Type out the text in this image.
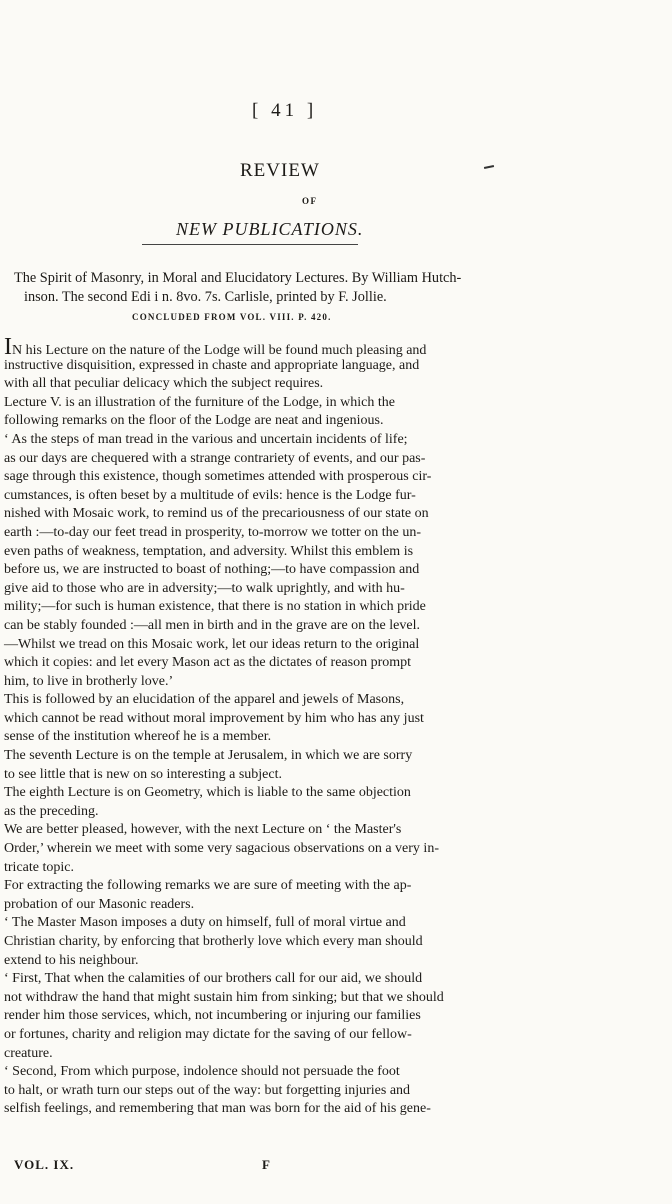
[ 41 ]
REVIEW
OF
NEW PUBLICATIONS.
The Spirit of Masonry, in Moral and Elucidatory Lectures. By William Hutch-
inson. The second Edi i n. 8vo. 7s. Carlisle, printed by F. Jollie.
CONCLUDED FROM VOL. VIII. P. 420.
IN his Lecture on the nature of the Lodge will be found much pleasing and
instructive disquisition, expressed in chaste and appropriate language, and
with all that peculiar delicacy which the subject requires.
Lecture V. is an illustration of the furniture of the Lodge, in which the
following remarks on the floor of the Lodge are neat and ingenious.
‘ As the steps of man tread in the various and uncertain incidents of life;
as our days are chequered with a strange contrariety of events, and our pas-
sage through this existence, though sometimes attended with prosperous cir-
cumstances, is often beset by a multitude of evils: hence is the Lodge fur-
nished with Mosaic work, to remind us of the precariousness of our state on
earth :—to-day our feet tread in prosperity, to-morrow we totter on the un-
even paths of weakness, temptation, and adversity. Whilst this emblem is
before us, we are instructed to boast of nothing;—to have compassion and
give aid to those who are in adversity;—to walk uprightly, and with hu-
mility;—for such is human existence, that there is no station in which pride
can be stably founded :—all men in birth and in the grave are on the level.
—Whilst we tread on this Mosaic work, let our ideas return to the original
which it copies: and let every Mason act as the dictates of reason prompt
him, to live in brotherly love.’
This is followed by an elucidation of the apparel and jewels of Masons,
which cannot be read without moral improvement by him who has any just
sense of the institution whereof he is a member.
The seventh Lecture is on the temple at Jerusalem, in which we are sorry
to see little that is new on so interesting a subject.
The eighth Lecture is on Geometry, which is liable to the same objection
as the preceding.
We are better pleased, however, with the next Lecture on ‘ the Master's
Order,’ wherein we meet with some very sagacious observations on a very in-
tricate topic.
For extracting the following remarks we are sure of meeting with the ap-
probation of our Masonic readers.
‘ The Master Mason imposes a duty on himself, full of moral virtue and
Christian charity, by enforcing that brotherly love which every man should
extend to his neighbour.
‘ First, That when the calamities of our brothers call for our aid, we should
not withdraw the hand that might sustain him from sinking; but that we should
render him those services, which, not incumbering or injuring our families
or fortunes, charity and religion may dictate for the saving of our fellow-
creature.
‘ Second, From which purpose, indolence should not persuade the foot
to halt, or wrath turn our steps out of the way: but forgetting injuries and
selfish feelings, and remembering that man was born for the aid of his gene-
VOL. IX.	F
